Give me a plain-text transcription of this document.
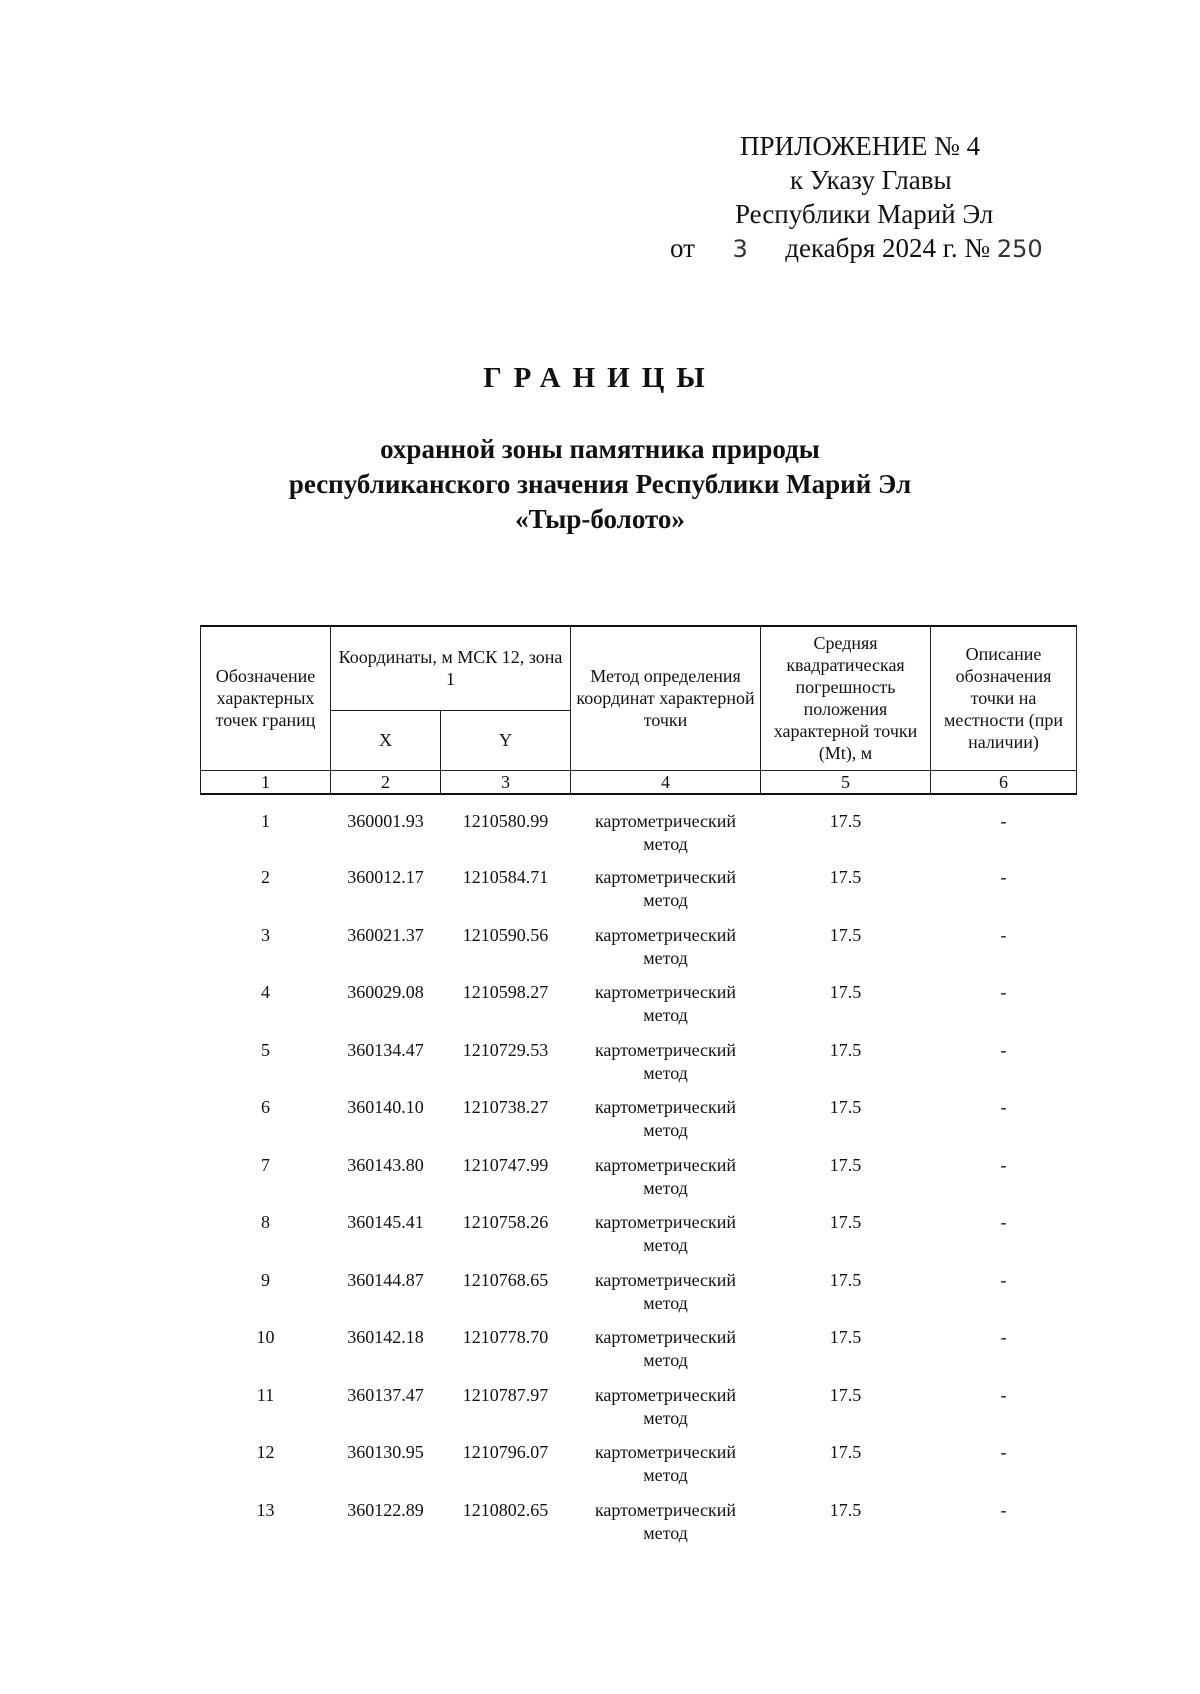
ПРИЛОЖЕНИЕ № 4
к Указу Главы
Республики Марий Эл
от 3 декабря 2024 г. № 250
ГРАНИЦЫ
охранной зоны памятника природы
республиканского значения Республики Марий Эл
«Тыр-болото»
Обозначение характерных точек границ	Координаты, м МСК 12, зона 1		Метод определения координат характерной точки	Средняя квадратическая погрешность положения характерной точки (Mt), м	Описание обозначения точки на местности (при наличии)
	X	Y			
1	2	3	4	5	6
1	360001.93	1210580.99	картометрический метод	17.5	-
2	360012.17	1210584.71	картометрический метод	17.5	-
3	360021.37	1210590.56	картометрический метод	17.5	-
4	360029.08	1210598.27	картометрический метод	17.5	-
5	360134.47	1210729.53	картометрический метод	17.5	-
6	360140.10	1210738.27	картометрический метод	17.5	-
7	360143.80	1210747.99	картометрический метод	17.5	-
8	360145.41	1210758.26	картометрический метод	17.5	-
9	360144.87	1210768.65	картометрический метод	17.5	-
10	360142.18	1210778.70	картометрический метод	17.5	-
11	360137.47	1210787.97	картометрический метод	17.5	-
12	360130.95	1210796.07	картометрический метод	17.5	-
13	360122.89	1210802.65	картометрический метод	17.5	-
